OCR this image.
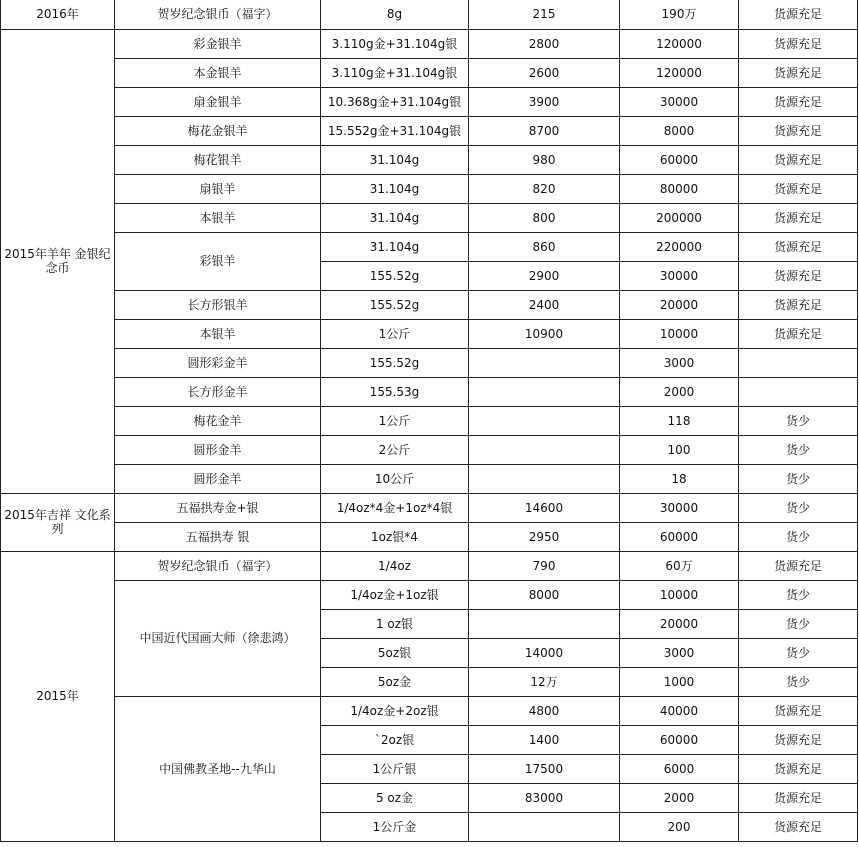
2016年	贺岁纪念银币（福字）	8g	215	190万	货源充足
2015年羊年 金银纪念币	彩金银羊	3.110g金+31.104g银	2800	120000	货源充足
	本金银羊	3.110g金+31.104g银	2600	120000	货源充足
	扇金银羊	10.368g金+31.104g银	3900	30000	货源充足
	梅花金银羊	15.552g金+31.104g银	8700	8000	货源充足
	梅花银羊	31.104g	980	60000	货源充足
	扇银羊	31.104g	820	80000	货源充足
	本银羊	31.104g	800	200000	货源充足
	彩银羊	31.104g	860	220000	货源充足
		155.52g	2900	30000	货源充足
	长方形银羊	155.52g	2400	20000	货源充足
	本银羊	1公斤	10900	10000	货源充足
	圆形彩金羊	155.52g		3000	
	长方形金羊	155.53g		2000	
	梅花金羊	1公斤		118	货少
	圆形金羊	2公斤		100	货少
	圆形金羊	10公斤		18	货少
2015年吉祥 文化系列	五福拱寿金+银	1/4oz*4金+1oz*4银	14600	30000	货少
	五福拱寿 银	1oz银*4	2950	60000	货少
2015年	贺岁纪念银币（福字）	1/4oz	790	60万	货源充足
	中国近代国画大师（徐悲鸿）	1/4oz金+1oz银	8000	10000	货少
		1 oz银		20000	货少
		5oz银	14000	3000	货少
		5oz金	12万	1000	货少
	中国佛教圣地--九华山	1/4oz金+2oz银	4800	40000	货源充足
		`2oz银	1400	60000	货源充足
		1公斤银	17500	6000	货源充足
		5 oz金	83000	2000	货源充足
		1公斤金		200	货源充足
